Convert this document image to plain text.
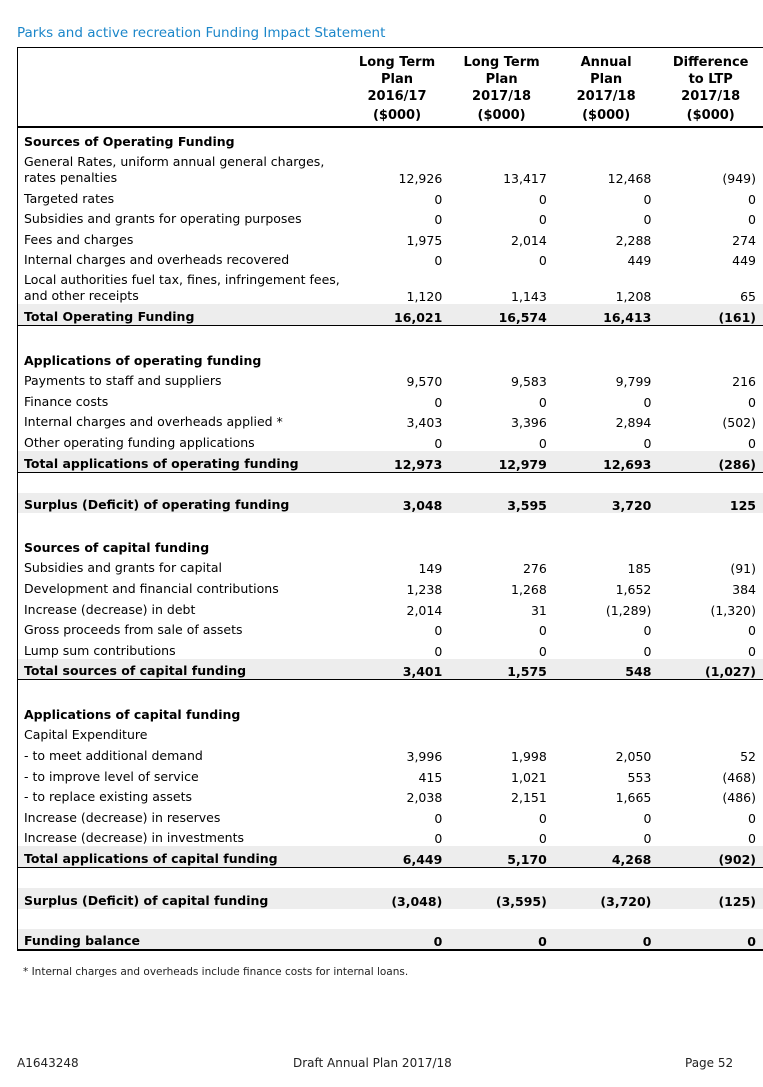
Parks and active recreation Funding Impact Statement
	Long Term
Plan
2016/17	Long Term
Plan
2017/18	Annual
Plan
2017/18	Difference
to LTP
2017/18
	($000)	($000)	($000)	($000)
Sources of Operating Funding				
General Rates, uniform annual general charges, rates penalties	12,926	13,417	12,468	(949)
Targeted rates	0	0	0	0
Subsidies and grants for operating purposes	0	0	0	0
Fees and charges	1,975	2,014	2,288	274
Internal charges and overheads recovered	0	0	449	449
Local authorities fuel tax, fines, infringement fees, and other receipts	1,120	1,143	1,208	65
Total Operating Funding	16,021	16,574	16,413	(161)

Applications of operating funding				
Payments to staff and suppliers	9,570	9,583	9,799	216
Finance costs	0	0	0	0
Internal charges and overheads applied *	3,403	3,396	2,894	(502)
Other operating funding applications	0	0	0	0
Total applications of operating funding	12,973	12,979	12,693	(286)

Surplus (Deficit) of operating funding	3,048	3,595	3,720	125

Sources of capital funding				
Subsidies and grants for capital	149	276	185	(91)
Development and financial contributions	1,238	1,268	1,652	384
Increase (decrease) in debt	2,014	31	(1,289)	(1,320)
Gross proceeds from sale of assets	0	0	0	0
Lump sum contributions	0	0	0	0
Total sources of capital funding	3,401	1,575	548	(1,027)

Applications of capital funding				
Capital Expenditure				
- to meet additional demand	3,996	1,998	2,050	52
- to improve level of service	415	1,021	553	(468)
- to replace existing assets	2,038	2,151	1,665	(486)
Increase (decrease) in reserves	0	0	0	0
Increase (decrease) in investments	0	0	0	0
Total applications of capital funding	6,449	5,170	4,268	(902)

Surplus (Deficit) of capital funding	(3,048)	(3,595)	(3,720)	(125)

Funding balance	0	0	0	0
* Internal charges and overheads include finance costs for internal loans.
A1643248	Draft Annual Plan 2017/18	Page 52
